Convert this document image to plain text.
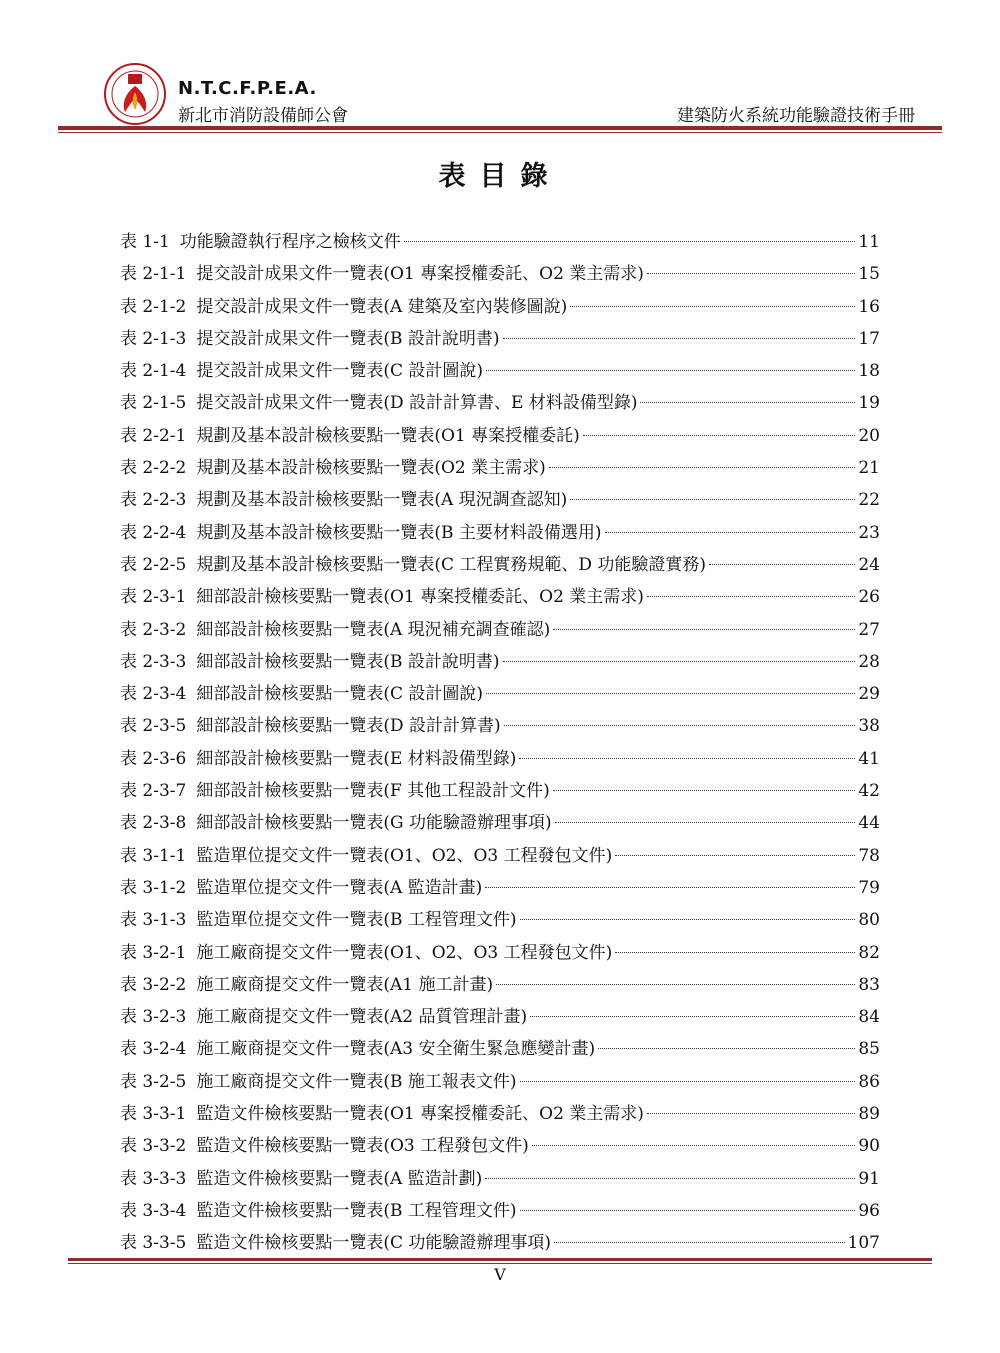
N.T.C.F.P.E.A.
新北市消防設備師公會	建築防火系統功能驗證技術手冊
表目錄
表 1-1 功能驗證執行程序之檢核文件	11
表 2-1-1 提交設計成果文件一覽表(O1 專案授權委託、O2 業主需求)	15
表 2-1-2 提交設計成果文件一覽表(A 建築及室內裝修圖說)	16
表 2-1-3 提交設計成果文件一覽表(B 設計說明書)	17
表 2-1-4 提交設計成果文件一覽表(C 設計圖說)	18
表 2-1-5 提交設計成果文件一覽表(D 設計計算書、E 材料設備型錄)	19
表 2-2-1 規劃及基本設計檢核要點一覽表(O1 專案授權委託)	20
表 2-2-2 規劃及基本設計檢核要點一覽表(O2 業主需求)	21
表 2-2-3 規劃及基本設計檢核要點一覽表(A 現況調查認知)	22
表 2-2-4 規劃及基本設計檢核要點一覽表(B 主要材料設備選用)	23
表 2-2-5 規劃及基本設計檢核要點一覽表(C 工程實務規範、D 功能驗證實務)	24
表 2-3-1 細部設計檢核要點一覽表(O1 專案授權委託、O2 業主需求)	26
表 2-3-2 細部設計檢核要點一覽表(A 現況補充調查確認)	27
表 2-3-3 細部設計檢核要點一覽表(B 設計說明書)	28
表 2-3-4 細部設計檢核要點一覽表(C 設計圖說)	29
表 2-3-5 細部設計檢核要點一覽表(D 設計計算書)	38
表 2-3-6 細部設計檢核要點一覽表(E 材料設備型錄)	41
表 2-3-7 細部設計檢核要點一覽表(F 其他工程設計文件)	42
表 2-3-8 細部設計檢核要點一覽表(G 功能驗證辦理事項)	44
表 3-1-1 監造單位提交文件一覽表(O1、O2、O3 工程發包文件)	78
表 3-1-2 監造單位提交文件一覽表(A 監造計畫)	79
表 3-1-3 監造單位提交文件一覽表(B 工程管理文件)	80
表 3-2-1 施工廠商提交文件一覽表(O1、O2、O3 工程發包文件)	82
表 3-2-2 施工廠商提交文件一覽表(A1 施工計畫)	83
表 3-2-3 施工廠商提交文件一覽表(A2 品質管理計畫)	84
表 3-2-4 施工廠商提交文件一覽表(A3 安全衛生緊急應變計畫)	85
表 3-2-5 施工廠商提交文件一覽表(B 施工報表文件)	86
表 3-3-1 監造文件檢核要點一覽表(O1 專案授權委託、O2 業主需求)	89
表 3-3-2 監造文件檢核要點一覽表(O3 工程發包文件)	90
表 3-3-3 監造文件檢核要點一覽表(A 監造計劃)	91
表 3-3-4 監造文件檢核要點一覽表(B 工程管理文件)	96
表 3-3-5 監造文件檢核要點一覽表(C 功能驗證辦理事項)	107
V
